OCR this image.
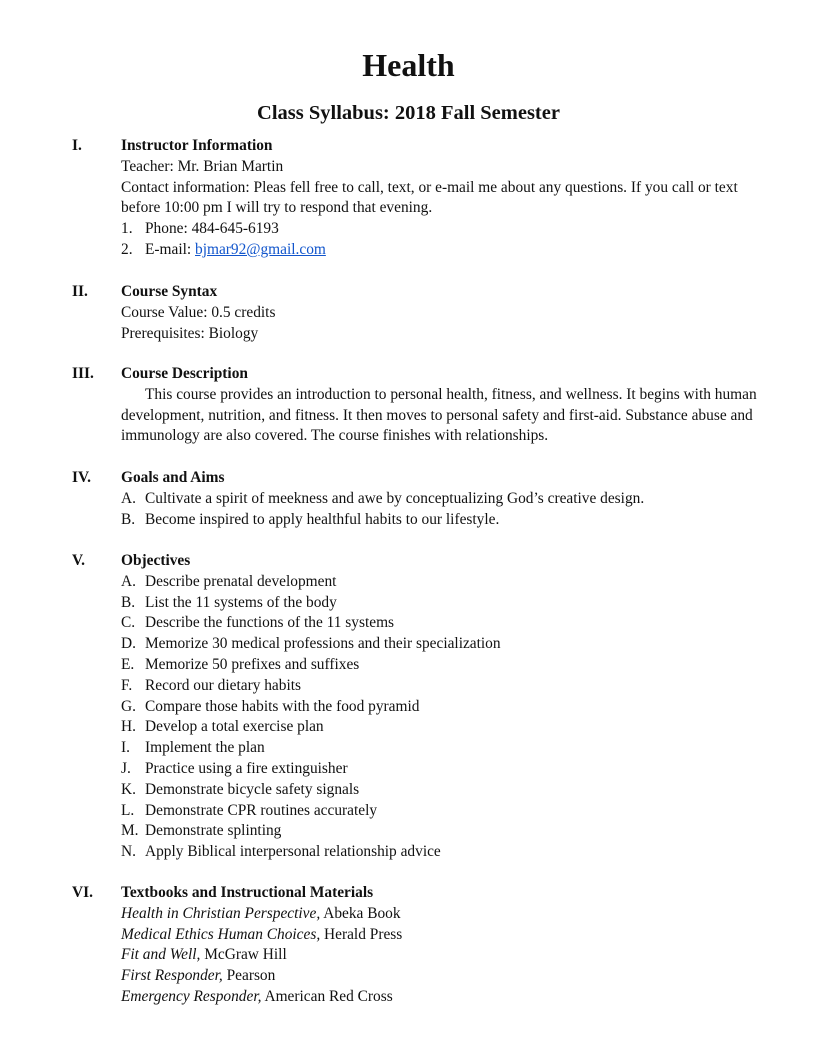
Health
Class Syllabus: 2018 Fall Semester
I.	Instructor Information
Teacher: Mr. Brian Martin
Contact information: Pleas fell free to call, text, or e-mail me about any questions. If you call or text before 10:00 pm I will try to respond that evening.
1. Phone: 484-645-6193
2. E-mail: bjmar92@gmail.com
II. Course Syntax
Course Value: 0.5 credits
Prerequisites: Biology
III. Course Description
This course provides an introduction to personal health, fitness, and wellness. It begins with human development, nutrition, and fitness. It then moves to personal safety and first-aid. Substance abuse and immunology are also covered. The course finishes with relationships.
IV. Goals and Aims
A. Cultivate a spirit of meekness and awe by conceptualizing God’s creative design.
B. Become inspired to apply healthful habits to our lifestyle.
V. Objectives
A. Describe prenatal development
B. List the 11 systems of the body
C. Describe the functions of the 11 systems
D. Memorize 30 medical professions and their specialization
E. Memorize 50 prefixes and suffixes
F. Record our dietary habits
G. Compare those habits with the food pyramid
H. Develop a total exercise plan
I. Implement the plan
J. Practice using a fire extinguisher
K. Demonstrate bicycle safety signals
L. Demonstrate CPR routines accurately
M. Demonstrate splinting
N. Apply Biblical interpersonal relationship advice
VI. Textbooks and Instructional Materials
Health in Christian Perspective, Abeka Book
Medical Ethics Human Choices, Herald Press
Fit and Well, McGraw Hill
First Responder, Pearson
Emergency Responder, American Red Cross
